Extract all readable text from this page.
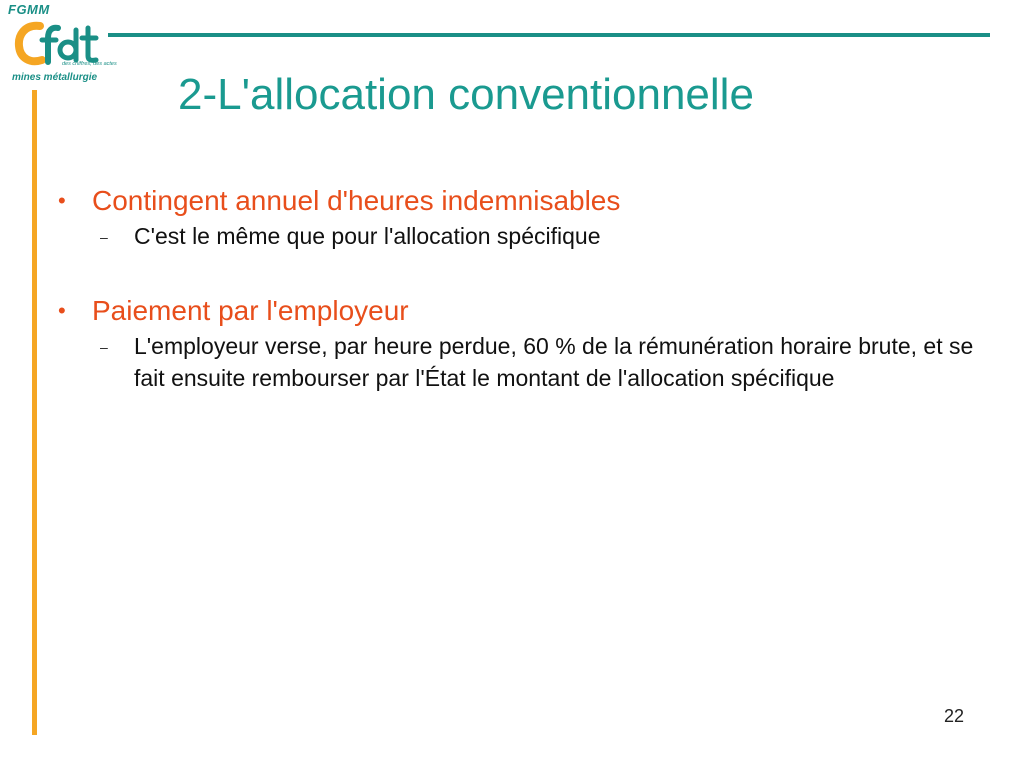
FGMM
des chiffres, des actes
mines métallurgie 2-L'allocation conventionnelle
• Contingent annuel d'heures indemnisables
–	C'est le même que pour l'allocation spécifique
• Paiement par l'employeur
–	L'employeur verse, par heure perdue, 60 % de la rémunération horaire brute, et se fait ensuite rembourser par l'État le montant de l'allocation spécifique
22
